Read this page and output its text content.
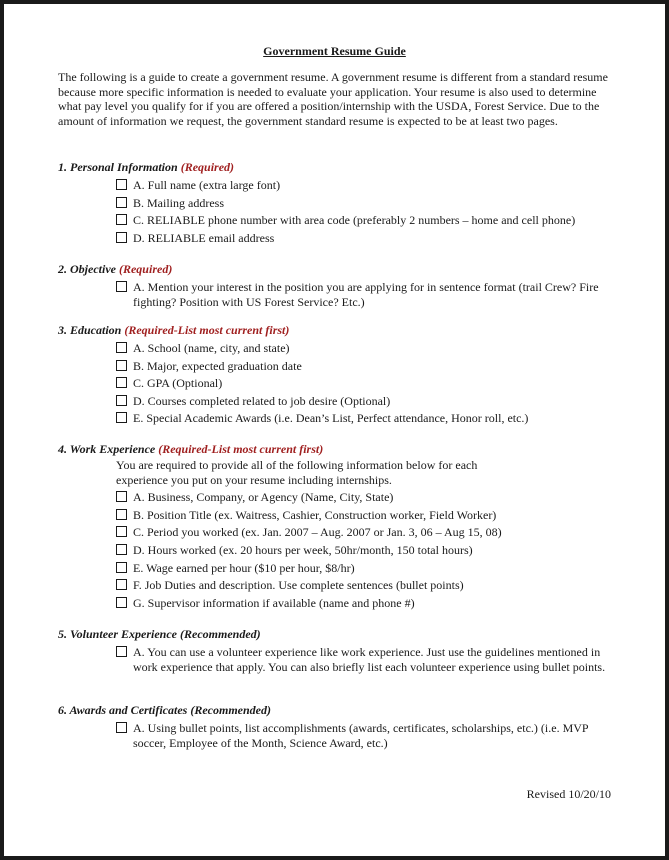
Government Resume Guide
The following is a guide to create a government resume. A government resume is different from a standard resume because more specific information is needed to evaluate your application. Your resume is also used to determine what pay level you qualify for if you are offered a position/internship with the USDA, Forest Service. Due to the amount of information we request, the government standard resume is expected to be at least two pages.
1. Personal Information (Required)
A. Full name (extra large font)
B. Mailing address
C. RELIABLE phone number with area code (preferably 2 numbers – home and cell phone)
D. RELIABLE email address
2. Objective (Required)
A. Mention your interest in the position you are applying for in sentence format (trail Crew? Fire fighting? Position with US Forest Service? Etc.)
3. Education (Required-List most current first)
A. School (name, city, and state)
B. Major, expected graduation date
C. GPA (Optional)
D. Courses completed related to job desire (Optional)
E. Special Academic Awards (i.e. Dean’s List, Perfect attendance, Honor roll, etc.)
4. Work Experience (Required-List most current first)
You are required to provide all of the following information below for each experience you put on your resume including internships.
A. Business, Company, or Agency (Name, City, State)
B. Position Title (ex. Waitress, Cashier, Construction worker, Field Worker)
C. Period you worked (ex. Jan. 2007 – Aug. 2007 or Jan. 3, 06 – Aug 15, 08)
D. Hours worked (ex. 20 hours per week, 50hr/month, 150 total hours)
E. Wage earned per hour ($10 per hour, $8/hr)
F. Job Duties and description. Use complete sentences (bullet points)
G. Supervisor information if available (name and phone #)
5. Volunteer Experience (Recommended)
A. You can use a volunteer experience like work experience. Just use the guidelines mentioned in work experience that apply. You can also briefly list each volunteer experience using bullet points.
6. Awards and Certificates (Recommended)
A. Using bullet points, list accomplishments (awards, certificates, scholarships, etc.) (i.e. MVP soccer, Employee of the Month, Science Award, etc.)
Revised 10/20/10
